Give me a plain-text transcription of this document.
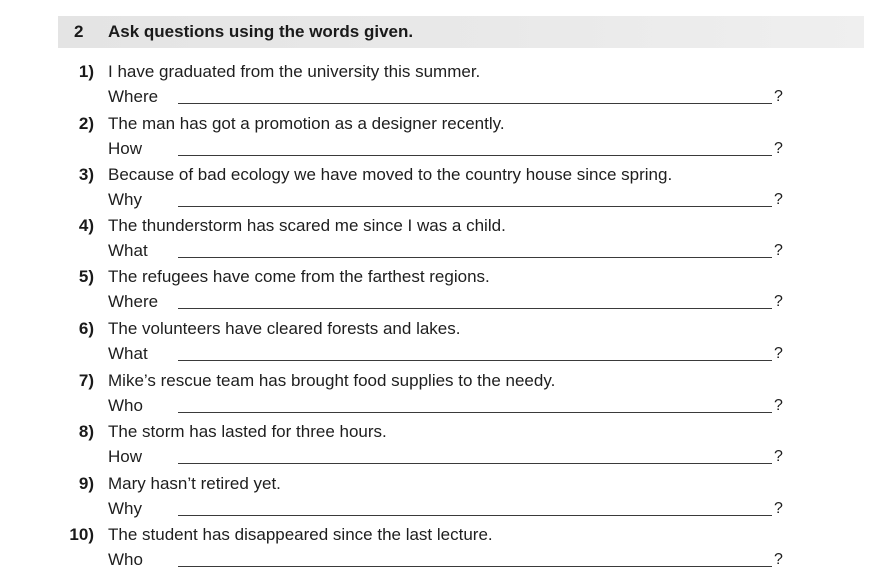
2 Ask questions using the words given.
1) I have graduated from the university this summer.
Where	?
2) The man has got a promotion as a designer recently.
How	?
3) Because of bad ecology we have moved to the country house since spring.
Why	?
4) The thunderstorm has scared me since I was a child.
What	?
5) The refugees have come from the farthest regions.
Where	?
6) The volunteers have cleared forests and lakes.
What	?
7) Mike’s rescue team has brought food supplies to the needy.
Who	?
8) The storm has lasted for three hours.
How	?
9) Mary hasn’t retired yet.
Why	?
10) The student has disappeared since the last lecture.
Who	?
